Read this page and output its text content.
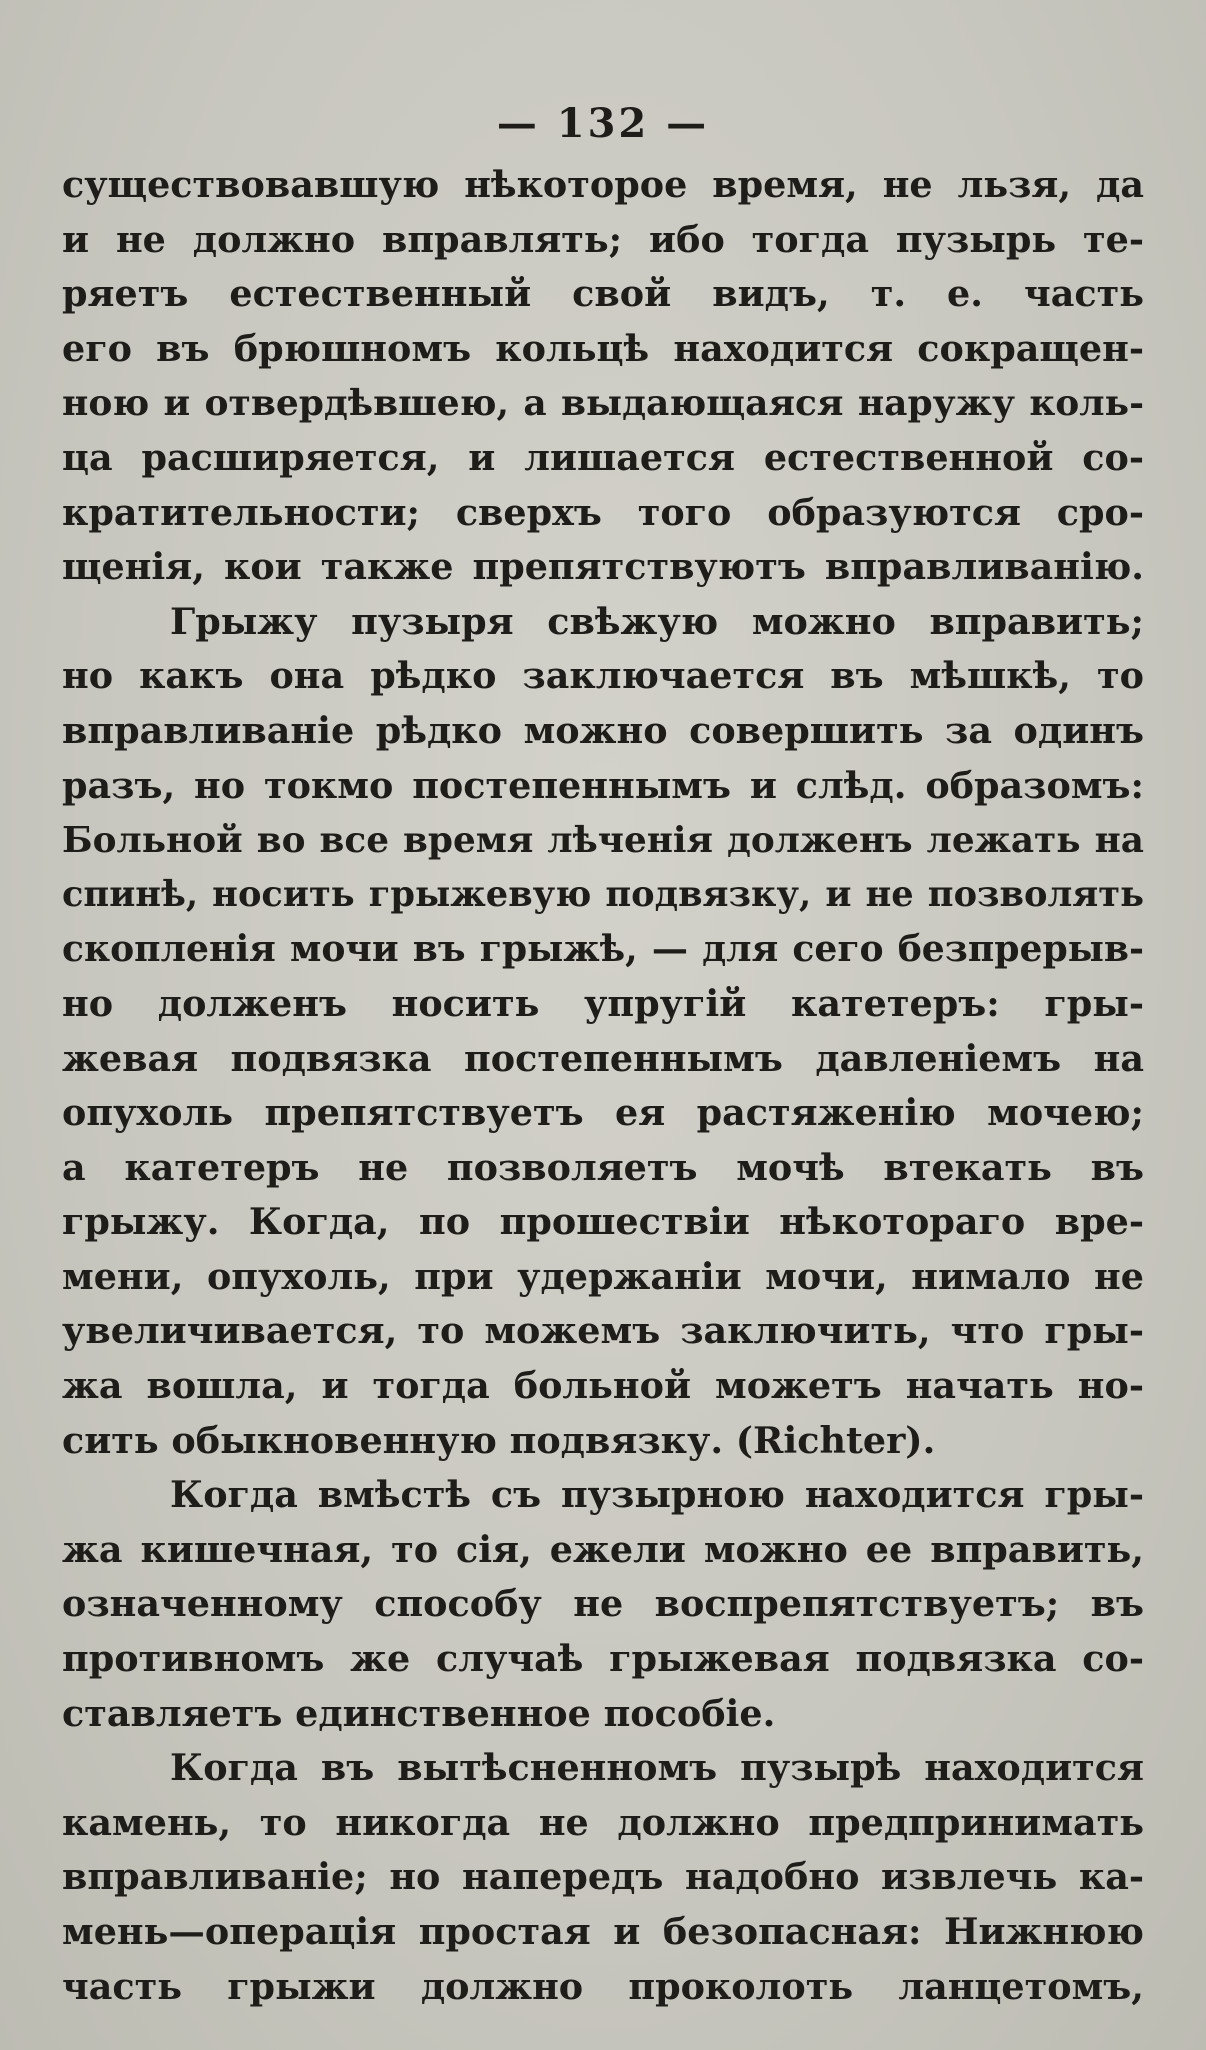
— 132 —
существовавшую нѣкоторое время, не льзя, да
и не должно вправлять; ибо тогда пузырь те-
ряетъ естественный свой видъ, т. е. часть
его въ брюшномъ кольцѣ находится сокращен-
ною и отвердѣвшею, а выдающаяся наружу коль-
ца расширяется, и лишается естественной со-
кратительности; сверхъ того образуются сро-
щенія, кои также препятствуютъ вправливанію.
Грыжу пузыря свѣжую можно вправить;
но какъ она рѣдко заключается въ мѣшкѣ, то
вправливаніе рѣдко можно совершить за одинъ
разъ, но токмо постепеннымъ и слѣд. образомъ:
Больной во все время лѣченія долженъ лежать на
спинѣ, носить грыжевую подвязку, и не позволять
скопленія мочи въ грыжѣ, — для сего безпрерыв-
но долженъ носить упругій катетеръ: гры-
жевая подвязка постепеннымъ давленіемъ на
опухоль препятствуетъ ея растяженію мочею;
а катетеръ не позволяетъ мочѣ втекать въ
грыжу. Когда, по прошествіи нѣкотораго вре-
мени, опухоль, при удержаніи мочи, нимало не
увеличивается, то можемъ заключить, что гры-
жа вошла, и тогда больной можетъ начать но-
сить обыкновенную подвязку. (Richter).
Когда вмѣстѣ съ пузырною находится гры-
жа кишечная, то сія, ежели можно ее вправить,
означенному способу не воспрепятствуетъ; въ
противномъ же случаѣ грыжевая подвязка со-
ставляетъ единственное пособіе.
Когда въ вытѣсненномъ пузырѣ находится
камень, то никогда не должно предпринимать
вправливаніе; но напередъ надобно извлечь ка-
мень—операція простая и безопасная: Нижнюю
часть грыжи должно проколоть ланцетомъ,
